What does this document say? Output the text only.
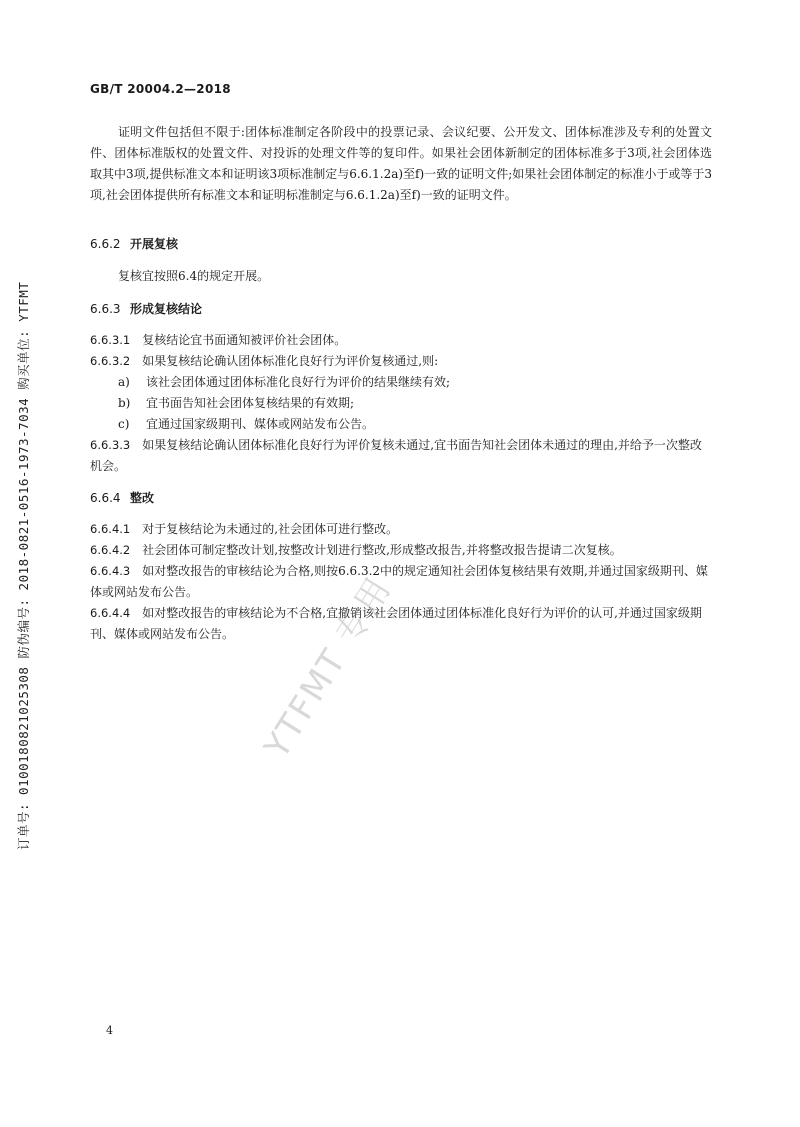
GB/T 20004.2—2018
证明文件包括但不限于:团体标准制定各阶段中的投票记录、会议纪要、公开发文、团体标准涉及专利的处置文件、团体标准版权的处置文件、对投诉的处理文件等的复印件。如果社会团体新制定的团体标准多于3项,社会团体选取其中3项,提供标准文本和证明该3项标准制定与6.6.1.2a)至f)一致的证明文件;如果社会团体制定的标准小于或等于3项,社会团体提供所有标准文本和证明标准制定与6.6.1.2a)至f)一致的证明文件。
6.6.2 开展复核
复核宜按照6.4的规定开展。
6.6.3 形成复核结论
6.6.3.1　 复核结论宜书面通知被评价社会团体。
6.6.3.2　 如果复核结论确认团体标准化良好行为评价复核通过,则:
a) 该社会团体通过团体标准化良好行为评价的结果继续有效;
b) 宜书面告知社会团体复核结果的有效期;
c) 宜通过国家级期刊、媒体或网站发布公告。
6.6.3.3　 如果复核结论确认团体标准化良好行为评价复核未通过,宜书面告知社会团体未通过的理由,并给予一次整改机会。
6.6.4 整改
6.6.4.1　 对于复核结论为未通过的,社会团体可进行整改。
6.6.4.2　 社会团体可制定整改计划,按整改计划进行整改,形成整改报告,并将整改报告提请二次复核。
6.6.4.3　 如对整改报告的审核结论为合格,则按6.6.3.2中的规定通知社会团体复核结果有效期,并通过国家级期刊、媒体或网站发布公告。
6.6.4.4　 如对整改报告的审核结论为不合格,宜撤销该社会团体通过团体标准化良好行为评价的认可,并通过国家级期刊、媒体或网站发布公告。
订单号: 0100180821025308 防伪编号: 2018-0821-0516-1973-7034 购买单位: YTFMT	YTFMT 专用
4
